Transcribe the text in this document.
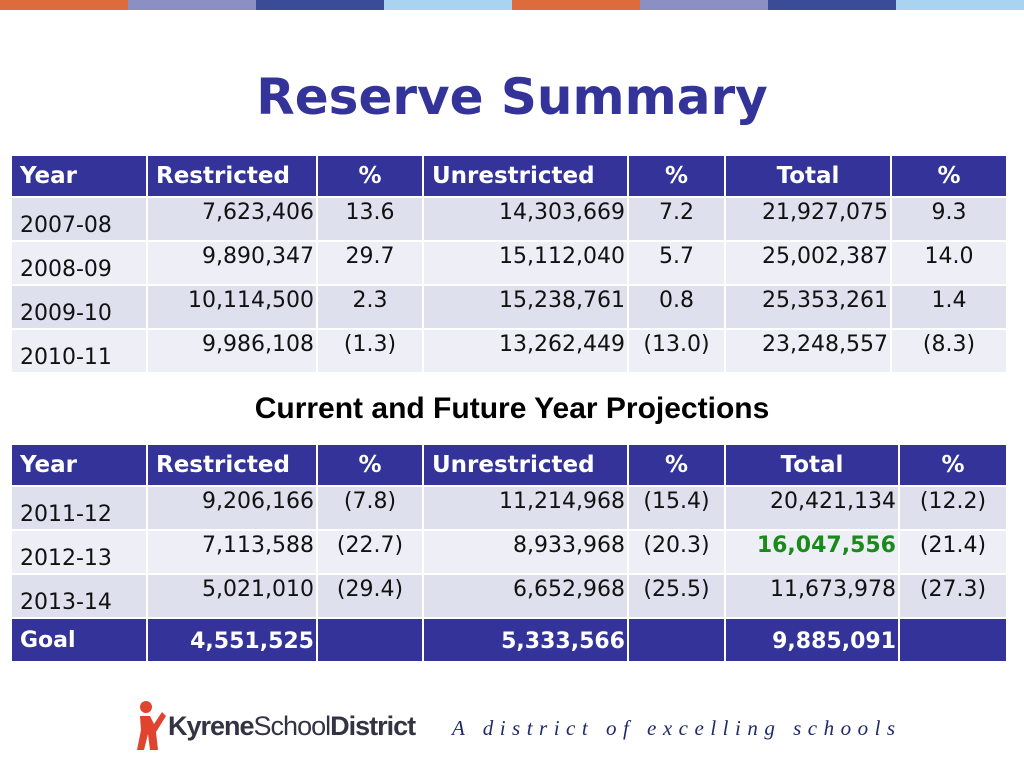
Reserve Summary
Year	Restricted	%	Unrestricted	%	Total	%
2007-08	7,623,406	13.6	14,303,669	7.2	21,927,075	9.3
2008-09	9,890,347	29.7	15,112,040	5.7	25,002,387	14.0
2009-10	10,114,500	2.3	15,238,761	0.8	25,353,261	1.4
2010-11	9,986,108	(1.3)	13,262,449	(13.0)	23,248,557	(8.3)
Current and Future Year Projections
Year	Restricted	%	Unrestricted	%	Total	%
2011-12	9,206,166	(7.8)	11,214,968	(15.4)	20,421,134	(12.2)
2012-13	7,113,588	(22.7)	8,933,968	(20.3)	16,047,556	(21.4)
2013-14	5,021,010	(29.4)	6,652,968	(25.5)	11,673,978	(27.3)
Goal	4,551,525		5,333,566		9,885,091	
KyreneSchoolDistrict A district of excelling schools
